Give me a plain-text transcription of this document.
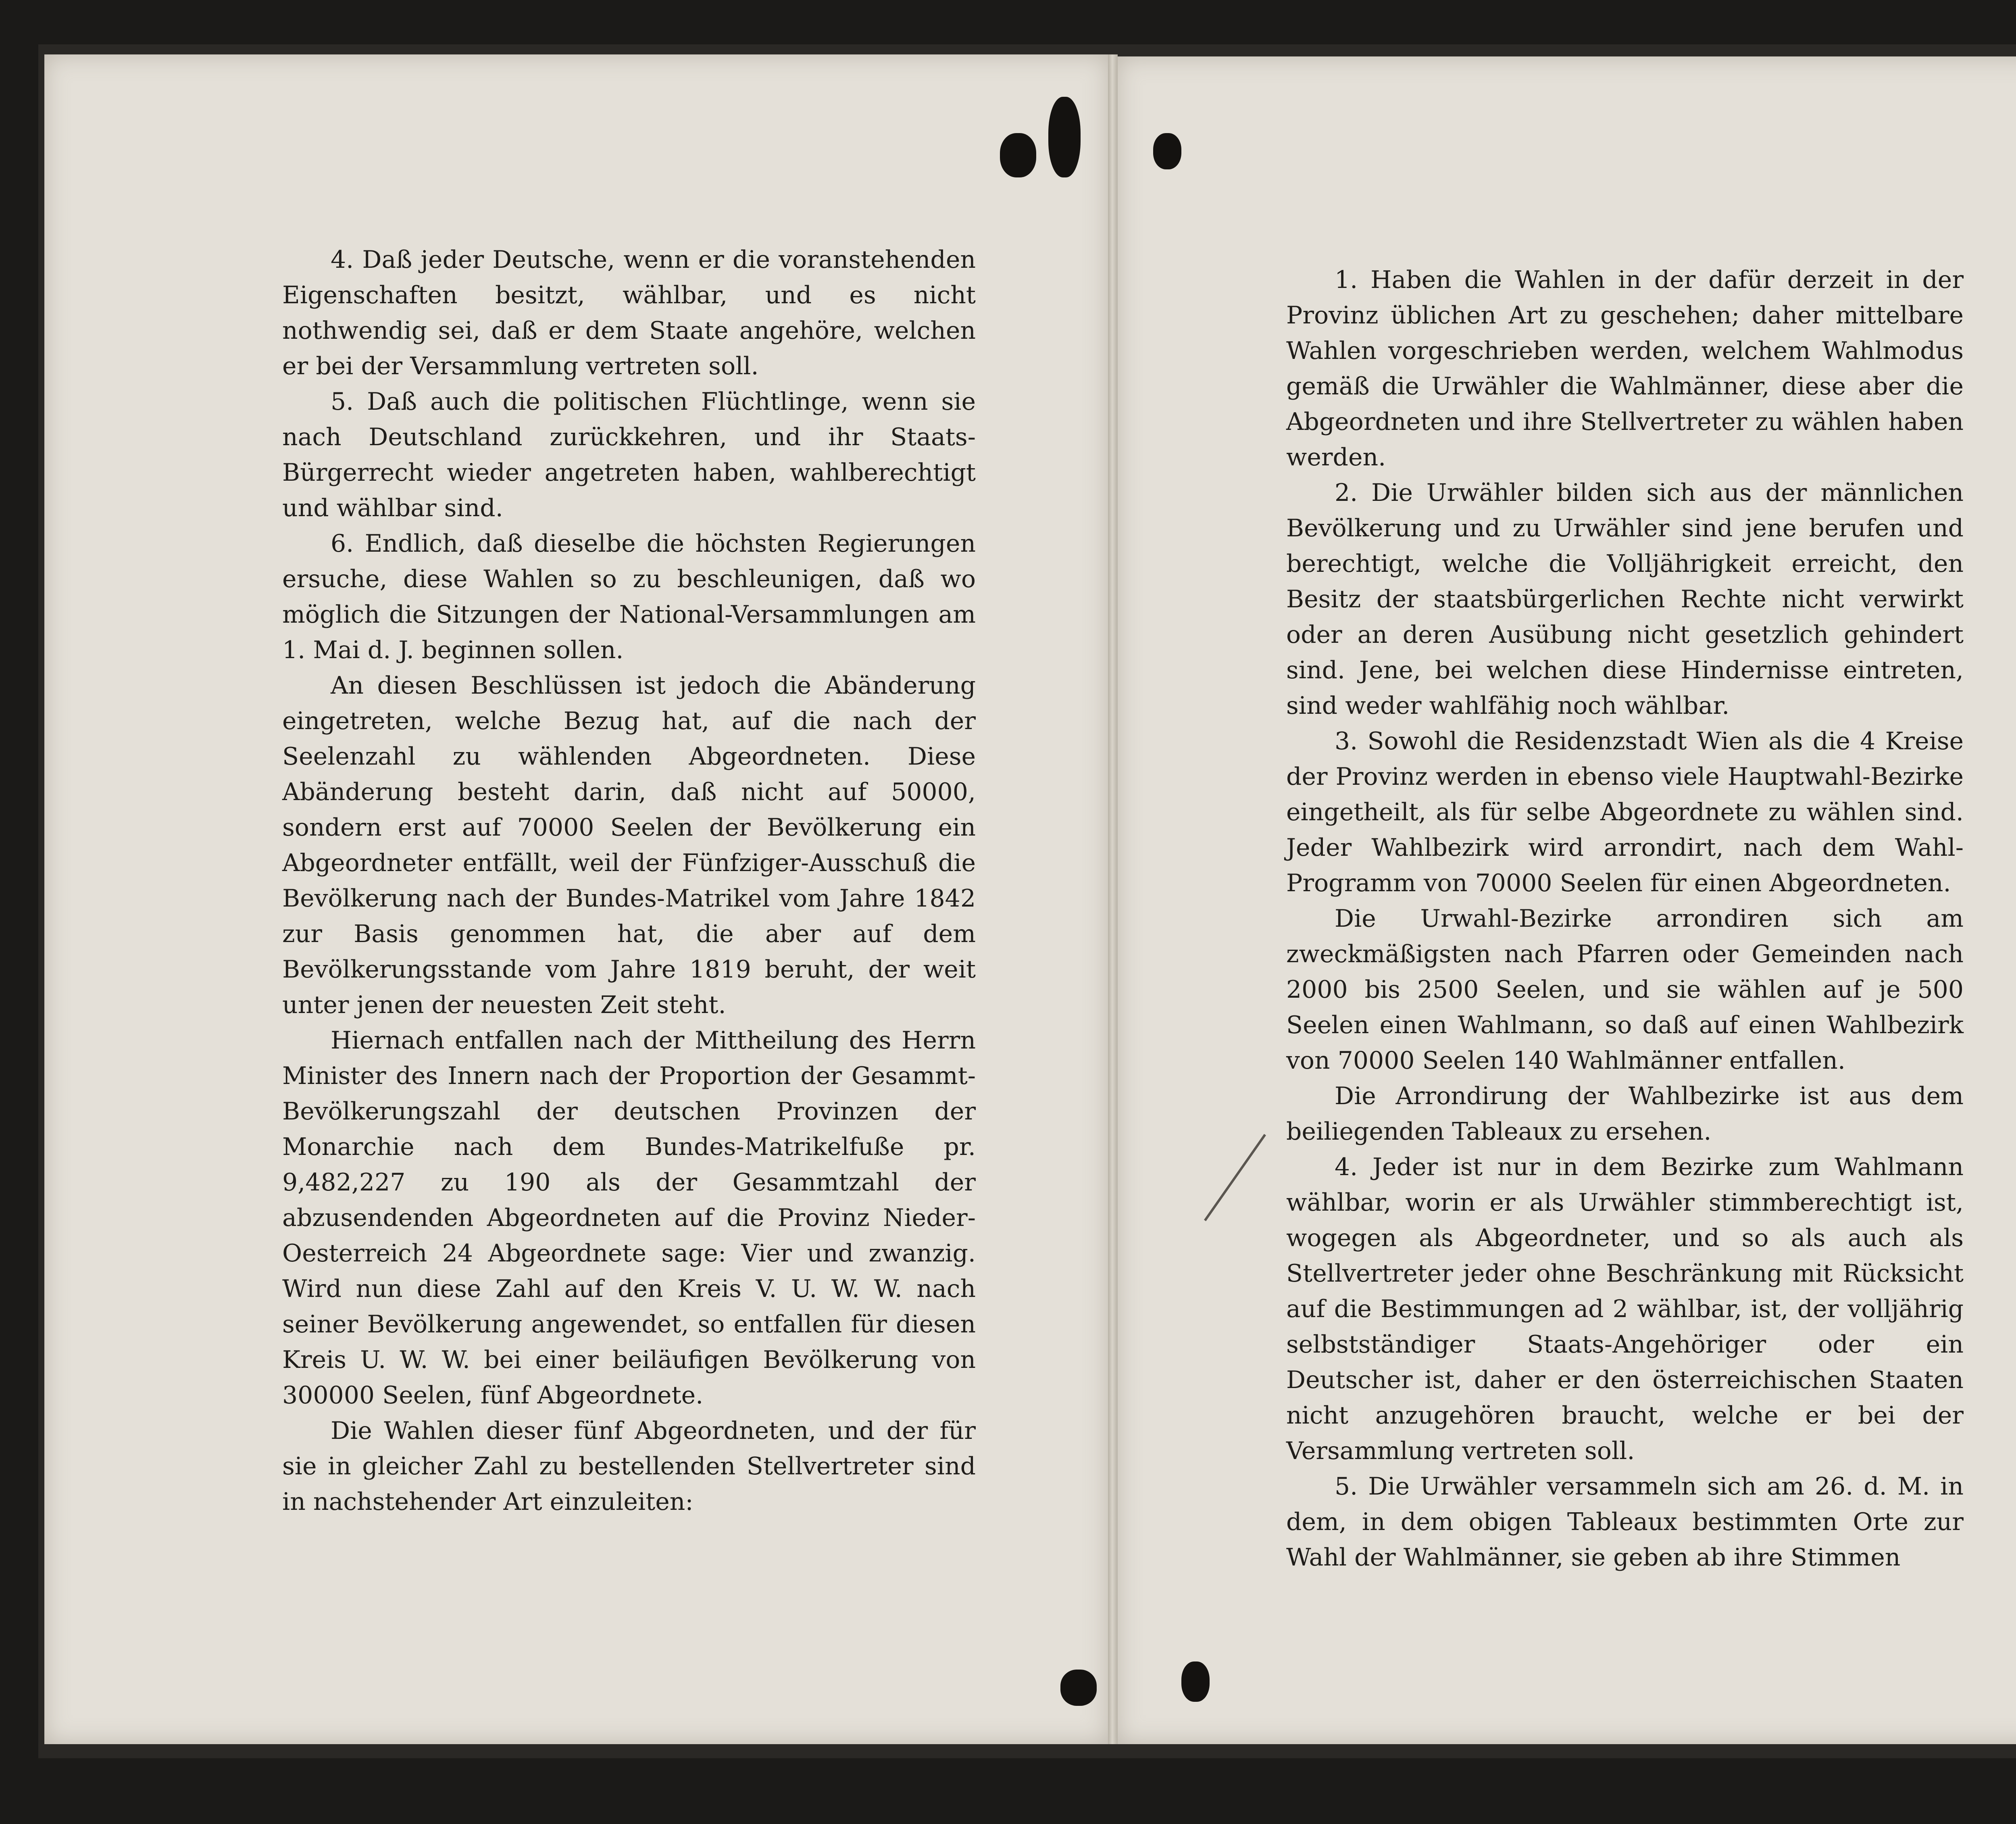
4. Daß jeder Deutsche, wenn er die voranstehenden Eigenschaften besitzt, wählbar, und es nicht nothwendig sei, daß er dem Staate angehöre, welchen er bei der Versammlung vertreten soll.

5. Daß auch die politischen Flüchtlinge, wenn sie nach Deutschland zurückkehren, und ihr Staats-Bürgerrecht wieder angetreten haben, wahlberechtigt und wählbar sind.

6. Endlich, daß dieselbe die höchsten Regierungen ersuche, diese Wahlen so zu beschleunigen, daß wo möglich die Sitzungen der National-Versammlungen am 1. Mai d. J. beginnen sollen.

An diesen Beschlüssen ist jedoch die Abänderung eingetreten, welche Bezug hat, auf die nach der Seelenzahl zu wählenden Abgeordneten. Diese Abänderung besteht darin, daß nicht auf 50000, sondern erst auf 70000 Seelen der Bevölkerung ein Abgeordneter entfällt, weil der Fünfziger-Ausschuß die Bevölkerung nach der Bundes-Matrikel vom Jahre 1842 zur Basis genommen hat, die aber auf dem Bevölkerungsstande vom Jahre 1819 beruht, der weit unter jenen der neuesten Zeit steht.

Hiernach entfallen nach der Mittheilung des Herrn Minister des Innern nach der Proportion der Gesammt-Bevölkerungszahl der deutschen Provinzen der Monarchie nach dem Bundes-Matrikelfuße pr. 9,482,227 zu 190 als der Gesammtzahl der abzusendenden Abgeordneten auf die Provinz Nieder-Oesterreich 24 Abgeordnete sage: Vier und zwanzig. Wird nun diese Zahl auf den Kreis V. U. W. W. nach seiner Bevölkerung angewendet, so entfallen für diesen Kreis U. W. W. bei einer beiläufigen Bevölkerung von 300000 Seelen, fünf Abgeordnete.

Die Wahlen dieser fünf Abgeordneten, und der für sie in gleicher Zahl zu bestellenden Stellvertreter sind in nachstehender Art einzuleiten:

1. Haben die Wahlen in der dafür derzeit in der Provinz üblichen Art zu geschehen; daher mittelbare Wahlen vorgeschrieben werden, welchem Wahlmodus gemäß die Urwähler die Wahlmänner, diese aber die Abgeordneten und ihre Stellvertreter zu wählen haben werden.

2. Die Urwähler bilden sich aus der männlichen Bevölkerung und zu Urwähler sind jene berufen und berechtigt, welche die Volljährigkeit erreicht, den Besitz der staatsbürgerlichen Rechte nicht verwirkt oder an deren Ausübung nicht gesetzlich gehindert sind. Jene, bei welchen diese Hindernisse eintreten, sind weder wahlfähig noch wählbar.

3. Sowohl die Residenzstadt Wien als die 4 Kreise der Provinz werden in ebenso viele Hauptwahl-Bezirke eingetheilt, als für selbe Abgeordnete zu wählen sind. Jeder Wahlbezirk wird arrondirt, nach dem Wahl-Programm von 70000 Seelen für einen Abgeordneten.

Die Urwahl-Bezirke arrondiren sich am zweckmäßigsten nach Pfarren oder Gemeinden nach 2000 bis 2500 Seelen, und sie wählen auf je 500 Seelen einen Wahlmann, so daß auf einen Wahlbezirk von 70000 Seelen 140 Wahlmänner entfallen.

Die Arrondirung der Wahlbezirke ist aus dem beiliegenden Tableaux zu ersehen.

4. Jeder ist nur in dem Bezirke zum Wahlmann wählbar, worin er als Urwähler stimmberechtigt ist, wogegen als Abgeordneter, und so als auch als Stellvertreter jeder ohne Beschränkung mit Rücksicht auf die Bestimmungen ad 2 wählbar, ist, der volljährig selbstständiger Staats-Angehöriger oder ein Deutscher ist, daher er den österreichischen Staaten nicht anzugehören braucht, welche er bei der Versammlung vertreten soll.

5. Die Urwähler versammeln sich am 26. d. M. in dem, in dem obigen Tableaux bestimmten Orte zur Wahl der Wahlmänner, sie geben ab ihre Stimmen
